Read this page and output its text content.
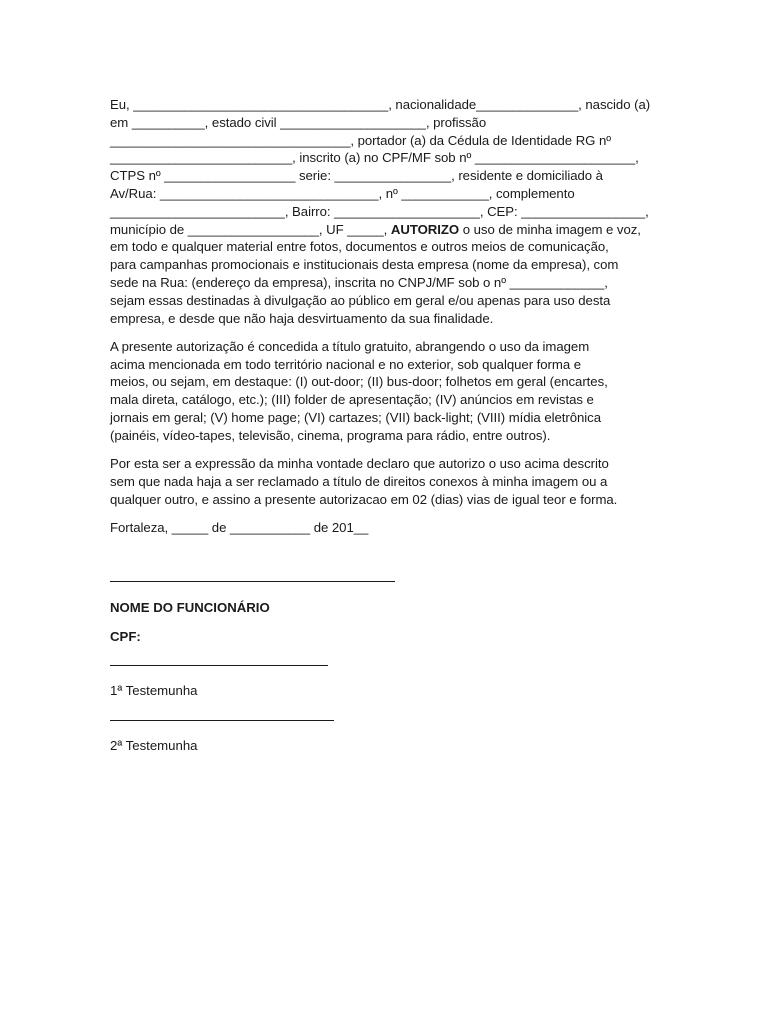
Eu, ___________________________________, nacionalidade______________, nascido (a)
em __________, estado civil ____________________, profissão
_________________________________, portador (a) da Cédula de Identidade RG nº
_________________________, inscrito (a) no CPF/MF sob nº ______________________,
CTPS nº __________________ serie: ________________, residente e domiciliado à
Av/Rua: ______________________________, nº ____________, complemento
________________________, Bairro: ____________________, CEP: _________________,
município de __________________, UF _____, AUTORIZO o uso de minha imagem e voz,
em todo e qualquer material entre fotos, documentos e outros meios de comunicação,
para campanhas promocionais e institucionais desta empresa (nome da empresa), com
sede na Rua: (endereço da empresa), inscrita no CNPJ/MF sob o nº _____________,
sejam essas destinadas à divulgação ao público em geral e/ou apenas para uso desta
empresa, e desde que não haja desvirtuamento da sua finalidade.
A presente autorização é concedida a título gratuito, abrangendo o uso da imagem
acima mencionada em todo território nacional e no exterior, sob qualquer forma e
meios, ou sejam, em destaque: (I) out-door; (II) bus-door; folhetos em geral (encartes,
mala direta, catálogo, etc.); (III) folder de apresentação; (IV) anúncios em revistas e
jornais em geral; (V) home page; (VI) cartazes; (VII) back-light; (VIII) mídia eletrônica
(painéis, vídeo-tapes, televisão, cinema, programa para rádio, entre outros).
Por esta ser a expressão da minha vontade declaro que autorizo o uso acima descrito
sem que nada haja a ser reclamado a título de direitos conexos à minha imagem ou a
qualquer outro, e assino a presente autorizacao em 02 (dias) vias de igual teor e forma.
Fortaleza, _____ de ___________ de 201__
NOME DO FUNCIONÁRIO
CPF:
1ª Testemunha
2ª Testemunha
